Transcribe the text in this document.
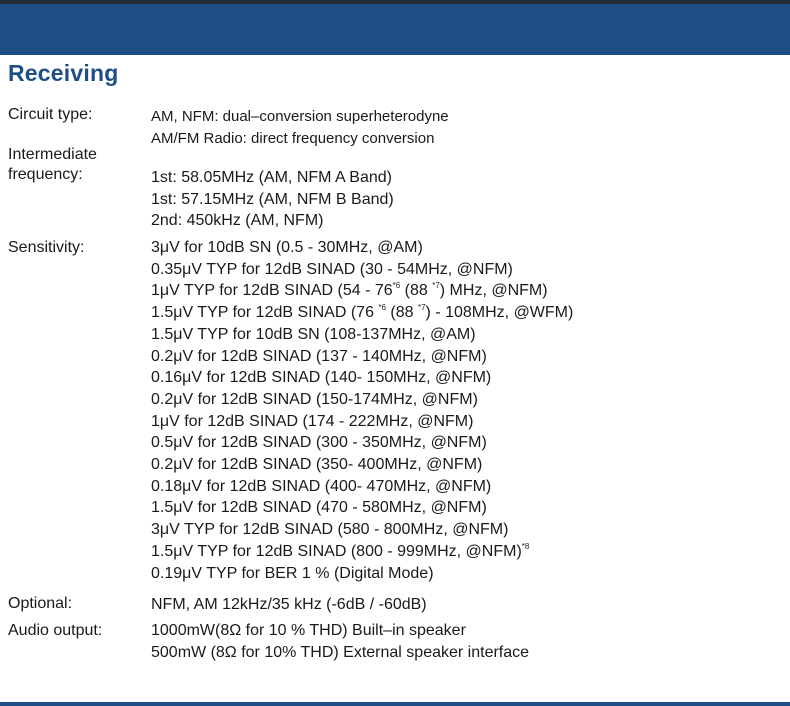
Receiving
Circuit type:	AM, NFM: dual–conversion superheterodyne
AM/FM Radio: direct frequency conversion
Intermediate
frequency:	1st: 58.05MHz (AM, NFM A Band)
1st: 57.15MHz (AM, NFM B Band)
2nd: 450kHz (AM, NFM)
Sensitivity:	3μV for 10dB SN (0.5 - 30MHz, @AM)
0.35μV TYP for 12dB SINAD (30 - 54MHz, @NFM)
1μV TYP for 12dB SINAD (54 - 76$^{*6}$ (88 $^{*7}$) MHz, @NFM)
1.5μV TYP for 12dB SINAD (76 $^{*6}$ (88 $^{*7}$) - 108MHz, @WFM)
1.5μV TYP for 10dB SN (108-137MHz, @AM)
0.2μV for 12dB SINAD (137 - 140MHz, @NFM)
0.16μV for 12dB SINAD (140- 150MHz, @NFM)
0.2μV for 12dB SINAD (150-174MHz, @NFM)
1μV for 12dB SINAD (174 - 222MHz, @NFM)
0.5μV for 12dB SINAD (300 - 350MHz, @NFM)
0.2μV for 12dB SINAD (350- 400MHz, @NFM)
0.18μV for 12dB SINAD (400- 470MHz, @NFM)
1.5μV for 12dB SINAD (470 - 580MHz, @NFM)
3μV TYP for 12dB SINAD (580 - 800MHz, @NFM)
1.5μV TYP for 12dB SINAD (800 - 999MHz, @NFM)$^{*8}$
0.19μV TYP for BER 1 % (Digital Mode)
Optional:	NFM, AM 12kHz/35 kHz (-6dB / -60dB)
Audio output:	1000mW(8Ω for 10 % THD) Built–in speaker
500mW (8Ω for 10% THD) External speaker interface
